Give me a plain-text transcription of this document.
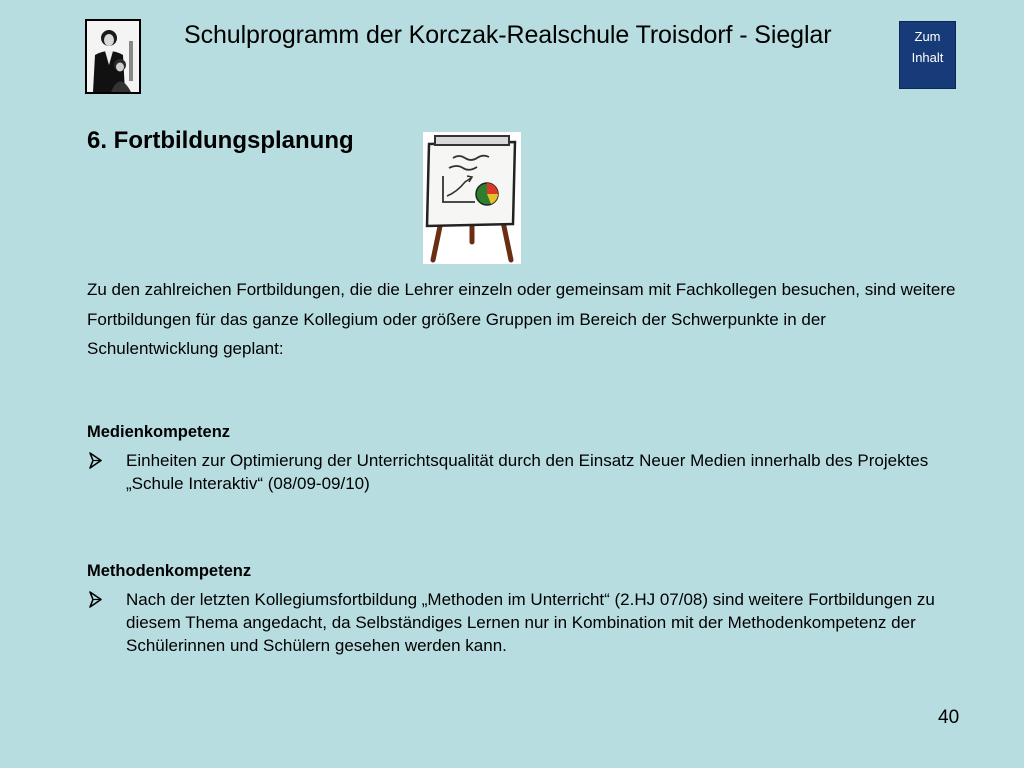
Schulprogramm der Korczak-Realschule Troisdorf - Sieglar	Zum
Inhalt
6. Fortbildungsplanung
Zu den zahlreichen Fortbildungen, die die Lehrer einzeln oder gemeinsam mit Fachkollegen besuchen, sind weitere Fortbildungen für das ganze Kollegium oder größere Gruppen im Bereich der Schwerpunkte in der Schulentwicklung geplant:
Medienkompetenz
Einheiten zur Optimierung der Unterrichtsqualität durch den Einsatz Neuer Medien innerhalb des Projektes „Schule Interaktiv“ (08/09-09/10)
Methodenkompetenz
Nach der letzten Kollegiumsfortbildung „Methoden im Unterricht“ (2.HJ 07/08) sind weitere Fortbildungen zu diesem Thema angedacht, da Selbständiges Lernen nur in Kombination mit der Methodenkompetenz der Schülerinnen und Schülern gesehen werden kann.
40
